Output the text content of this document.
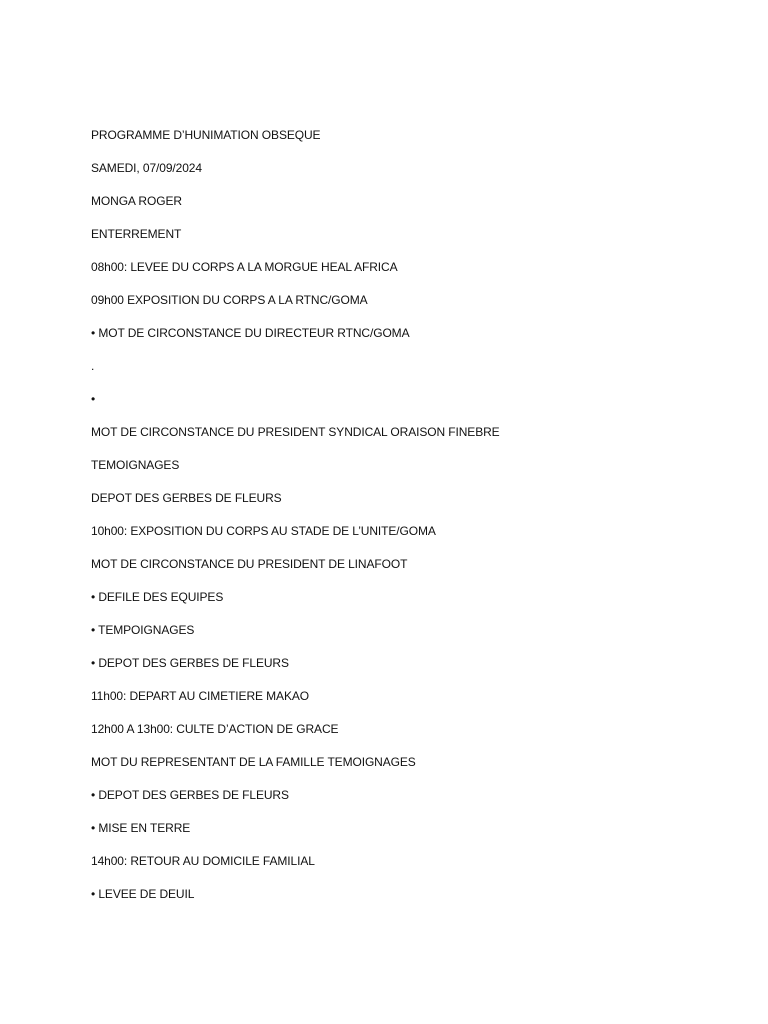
PROGRAMME D’HUNIMATION OBSEQUE
SAMEDI, 07/09/2024
MONGA ROGER
ENTERREMENT
08h00: LEVEE DU CORPS A LA MORGUE HEAL AFRICA
09h00 EXPOSITION DU CORPS A LA RTNC/GOMA
• MOT DE CIRCONSTANCE DU DIRECTEUR RTNC/GOMA
.
•
MOT DE CIRCONSTANCE DU PRESIDENT SYNDICAL ORAISON FINEBRE
TEMOIGNAGES
DEPOT DES GERBES DE FLEURS
10h00: EXPOSITION DU CORPS AU STADE DE L’UNITE/GOMA
MOT DE CIRCONSTANCE DU PRESIDENT DE LINAFOOT
• DEFILE DES EQUIPES
• TEMPOIGNAGES
• DEPOT DES GERBES DE FLEURS
11h00: DEPART AU CIMETIERE MAKAO
12h00 A 13h00: CULTE D’ACTION DE GRACE
MOT DU REPRESENTANT DE LA FAMILLE TEMOIGNAGES
• DEPOT DES GERBES DE FLEURS
• MISE EN TERRE
14h00: RETOUR AU DOMICILE FAMILIAL
• LEVEE DE DEUIL
